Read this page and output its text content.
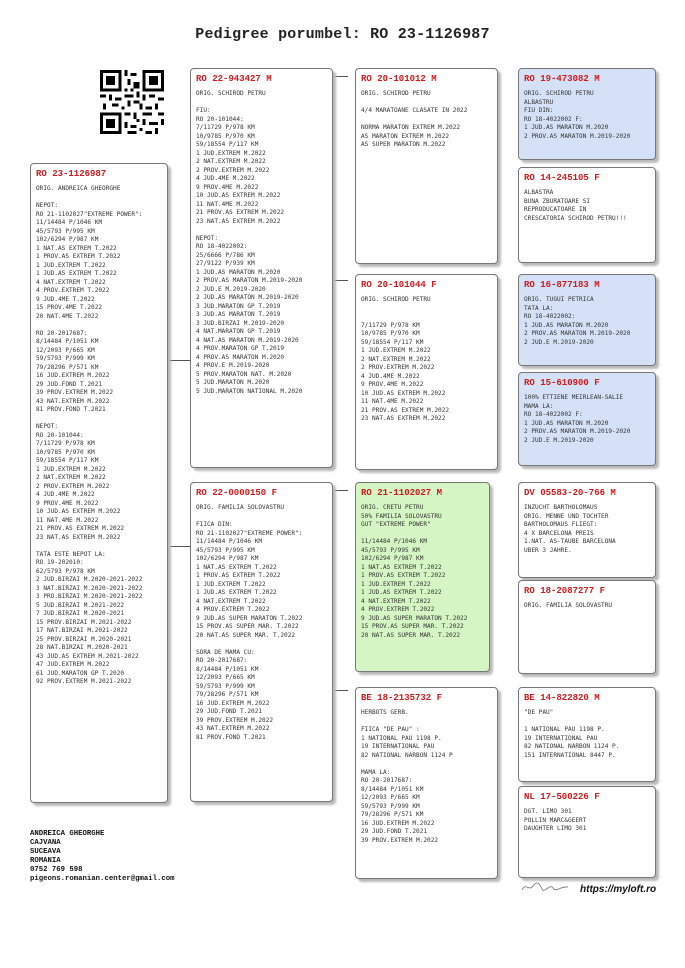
Pedigree porumbel: RO 23-1126987
RO 23-1126987
ORIG. ANDREICA GHEORGHE

NEPOT:
RO 21-1102027"EXTREME POWER":
11/14484 P/1046 KM
45/5793 P/995 KM
102/6294 P/987 KM
1 NAT.AS EXTREM T.2022
1 PROV.AS EXTREM T.2022
1 JUD.EXTREM T.2022
1 JUD.AS EXTREM T.2022
4 NAT.EXTREM T.2022
4 PROV.EXTREM T.2022
9 JUD.4ME T.2022
15 PROV.4ME T.2022
20 NAT.4ME T.2022

RO 20-2017687:
8/14484 P/1051 KM
12/2093 P/665 KM
59/5793 P/999 KM
79/28296 P/571 KM
16 JUD.EXTREM M.2022
29 JUD.FOND T.2021
39 PROV.EXTREM M.2022
43 NAT.EXTREM M.2022
81 PROV.FOND T.2021

NEPOT:
RO 20-101044:
7/11729 P/978 KM
10/9785 P/970 KM
59/18554 P/117 KM
1 JUD.EXTREM M.2022
2 NAT.EXTREM M.2022
2 PROV.EXTREM M.2022
4 JUD.4ME M.2022
9 PROV.4ME M.2022
10 JUD.AS EXTREM M.2022
11 NAT.4ME M.2022
21 PROV.AS EXTREM M.2022
23 NAT.AS EXTREM M.2022

TATA ESTE NEPOT LA:
RO 19-202010:
62/5793 P/978 KM
2 JUD.BIRZAI M.2020-2021-2022
3 NAT.BIRZAI M.2020-2021-2022
3 PRO.BIRZAI M.2020-2021-2022
5 JUD.BIRZAI M.2021-2022
7 JUD.BIRZAI M.2020-2021
15 PROV.BIRZAI M.2021-2022
17 NAT.BIRZAI M.2021-2022
25 PROV.BIRZAI M.2020-2021
28 NAT.BIRZAI M.2020-2021
43 JUD.AS EXTREM M.2021-2022
47 JUD.EXTREM M.2022
61 JUD.MARATON GP T.2020
92 PROV.EXTREM M.2021-2022
RO 22-943427 M
ORIG. SCHIROD PETRU

FIU:
RO 20-101044:
7/11729 P/978 KM
10/9785 P/970 KM
59/18554 P/117 KM
1 JUD.EXTREM M.2022
2 NAT.EXTREM M.2022
2 PROV.EXTREM M.2022
4 JUD.4ME M.2022
9 PROV.4ME M.2022
10 JUD.AS EXTREM M.2022
11 NAT.4ME M.2022
21 PROV.AS EXTREM M.2022
23 NAT.AS EXTREM M.2022

NEPOT:
RO 18-4022002:
25/6666 P/786 KM
27/9122 P/939 KM
1 JUD.AS MARATON M.2020
2 PROV.AS MARATON M.2019-2020
2 JUD.E M.2019-2020
2 JUD.AS MARATON M.2019-2020
3 JUD.MARATON GP T.2019
3 JUD.AS MARATON T.2019
3 JUD.BIRZAI M.2019-2020
4 NAT.MARATON GP T.2019
4 NAT.AS MARATON M.2019-2020
4 PROV.MARATON GP T.2019
4 PROV.AS MARATON M.2020
4 PROV.E M.2019-2020
5 PROV.MARATON NAT. M.2020
5 JUD.MARATON M.2020
5 JUD.MARATON NATIONAL M.2020
RO 22-0000150 F
ORIG. FAMILIA SOLOVASTRU

FIICA DIN:
RO 21-1102027"EXTREME POWER":
11/14484 P/1046 KM
45/5793 P/995 KM
102/6294 P/987 KM
1 NAT.AS EXTREM T.2022
1 PROV.AS EXTREM T.2022
1 JUD.EXTREM T.2022
1 JUD.AS EXTREM T.2022
4 NAT.EXTREM T.2022
4 PROV.EXTREM T.2022
9 JUD.AS SUPER MARATON T.2022
15 PROV.AS SUPER MAR. T.2022
20 NAT.AS SUPER MAR. T.2022

SORA DE MAMA CU:
RO 20-2017687:
8/14484 P/1051 KM
12/2093 P/665 KM
59/5793 P/999 KM
79/28296 P/571 KM
16 JUD.EXTREM M.2022
29 JUD.FOND T.2021
39 PROV.EXTREM M.2022
43 NAT.EXTREM M.2022
81 PROV.FOND T.2021
RO 20-101012 M
ORIG. SCHIROD PETRU

4/4 MARATOANE CLASATE IN 2022

NORMA MARATON EXTREM M.2022
AS MARATON EXTREM M.2022
AS SUPER MARATON M.2022
RO 20-101044 F
ORIG. SCHIROD PETRU

7/11729 P/978 KM
10/9785 P/970 KM
59/18554 P/117 KM
1 JUD.EXTREM M.2022
2 NAT.EXTREM M.2022
2 PROV.EXTREM M.2022
4 JUD.4ME M.2022
9 PROV.4ME M.2022
10 JUD.AS EXTREM M.2022
11 NAT.4ME M.2022
21 PROV.AS EXTREM M.2022
23 NAT.AS EXTREM M.2022
RO 21-1102027 M
ORIG. CRETU PETRU
50% FAMILIA SOLOVASTRU
GUT "EXTREME POWER"

11/14484 P/1046 KM
45/5793 P/995 KM
102/6294 P/987 KM
1 NAT.AS EXTREM T.2022
1 PROV.AS EXTREM T.2022
1 JUD.EXTREM T.2022
1 JUD.AS EXTREM T.2022
4 NAT.EXTREM T.2022
4 PROV.EXTREM T.2022
9 JUD.AS SUPER MARATON T.2022
15 PROV.AS SUPER MAR. T.2022
20 NAT.AS SUPER MAR. T.2022
BE 18-2135732 F
HERBOTS GERB.

FIICA "DE PAU" :
1 NATIONAL PAU 1198 P.
19 INTERNATIONAL PAU
82 NATIONAL NARBON 1124 P

MAMA LA:
RO 20-2017687:
8/14484 P/1051 KM
12/2093 P/665 KM
59/5793 P/999 KM
79/28296 P/571 KM
16 JUD.EXTREM M.2022
29 JUD.FOND T.2021
39 PROV.EXTREM M.2022
RO 19-473082 M
ORIG. SCHIROD PETRU
ALBASTRU
FIU DIN:
RO 18-4022002 F:
1 JUD.AS MARATON M.2020
2 PROV.AS MARATON M.2019-2020
RO 14-245105 F
ALBASTRA
BUNA ZBURATOARE SI
REPRODUCATOARE IN
CRESCATORIA SCHIROD PETRU!!!
RO 16-877183 M
ORIG. TUGUI PETRICA
TATA LA:
RO 18-4022002:
1 JUD.AS MARATON M.2020
2 PROV.AS MARATON M.2019-2020
2 JUD.E M.2019-2020
RO 15-610900 F
100% ETTIENE MEIRLEAN-SALIE
MAMA LA:
RO 18-4022002 F:
1 JUD.AS MARATON M.2020
2 PROV.AS MARATON M.2019-2020
2 JUD.E M.2019-2020
DV 05583-20-766 M
INZUCHT BARTHOLOMAUS
ORIG. MENNE UND TOCHTER
BARTHOLOMAUS FLIEGT:
4 X BARCELONA PREIS
1.NAT. AS-TAUBE BARCELONA
UBER 3 JAHRE.
RO 18-2087277 F
ORIG. FAMILIA SOLOVASTRU
BE 14-822820 M
"DE PAU"

1 NATIONAL PAU 1198 P.
19 INTERNATIONAL PAU
82 NATIONAL NARBON 1124 P.
151 INTERNATIONAL 8447 P.
NL 17-500226 F
DGT. LIMO 301
POLLIN MARC&GEERT
DAUGHTER LIMO 301
ANDREICA GHEORGHE
CAJVANA
SUCEAVA
ROMANIA
0752 769 598
pigeons.romanian.center@gmail.com
https://myloft.ro
